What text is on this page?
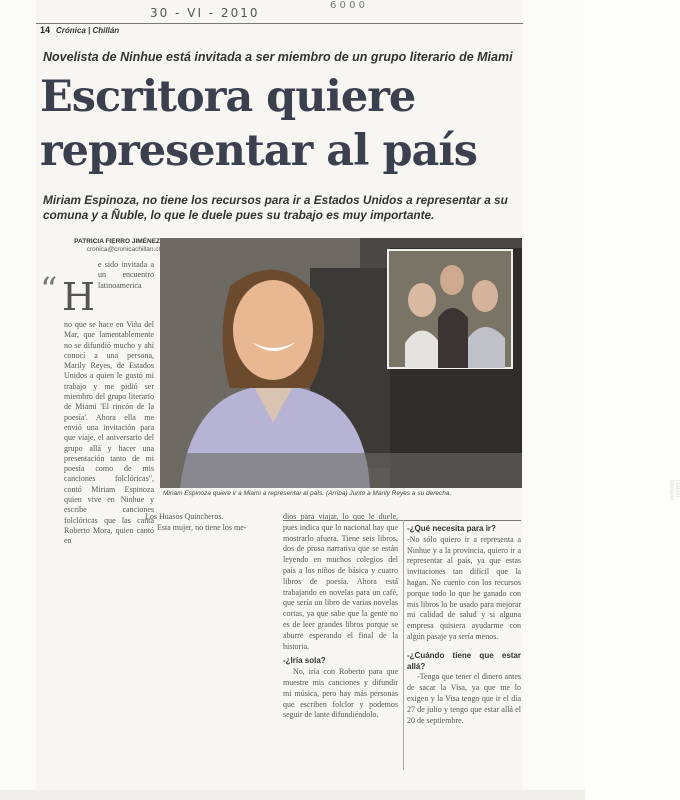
30 - VI - 2010
6 0 0 0
14 Crónica | Chillán
Novelista de Ninhue está invitada a ser miembro de un grupo literario de Miami
Escritora quiere
representar al país
Miriam Espinoza, no tiene los recursos para ir a Estados Unidos a representar a su comuna y a Ñuble, lo que le duele pues su trabajo es muy importante.
PATRICIA FIERRO JIMÉNEZ
cronica@cronicachillan.cl
“ H
e sido invitada a un encuentro latinoamerica
no que se hace en Viña del Mar, que lamentablemente no se difundió mucho y ahí conocí a una persona, Marily Reyes, de Estados Unidos a quien le gustó mi trabajo y me pidió ser miembro del grupo literario de Miami 'El rincón de la poesía'. Ahora ella me envió una invitación para que viaje, el aniversario del grupo allá y hacer una presentación tanto de mi poesía como de mis canciones folclóricas", contó Miriam Espinoza quien vive en Ninhue y escribe canciones folclóricas que las canta Roberto Mora, quien cantó en
Daniel Moreno
Miriam Espinoza quiere ir a Miami a representar al país. (Arriba) Junto a Marily Reyes a su derecha.
Los Huasos Quincheros.
Esta mujer, no tiene los me-
dios para viajar, lo que le duele, pues indica que lo nacional hay que mostrarlo afuera. Tiene seis libros, dos de prosa narrativa que se están leyendo en muchos colegios del país a los niños de básica y cuatro libros de poesía. Ahora está trabajando en novelas para un café, que sería un libro de varias novelas cortas, ya que sabe que la gente no es de leer grandes libros porque se aburre esperando el final de la historia.
-¿Iría sola?
No, iría con Roberto para que muestre mis canciones y difundir mi música, pero hay más personas que escriben folclor y podemos seguir de lante difundiéndolo.
-¿Qué necesita para ir?
-No sólo quiero ir a representa a Ninhue y a la provincia, quiero ir a representar al país, ya que estas invitaciones tan difícil que la hagan. No cuento con los recursos porque todo lo que he ganado con mis libros lo he usado para mejorar mi calidad de salud y si alguna empresa quisiera ayudarme con algún pasaje ya sería menos.
-¿Cuándo tiene que estar allá?
-Tengo que tener el dinero antes de sacar la Visa, ya que me lo exigen y la Visa tengo que ir el día 27 de julio y tengo que estar allá el 20 de septiembre.
